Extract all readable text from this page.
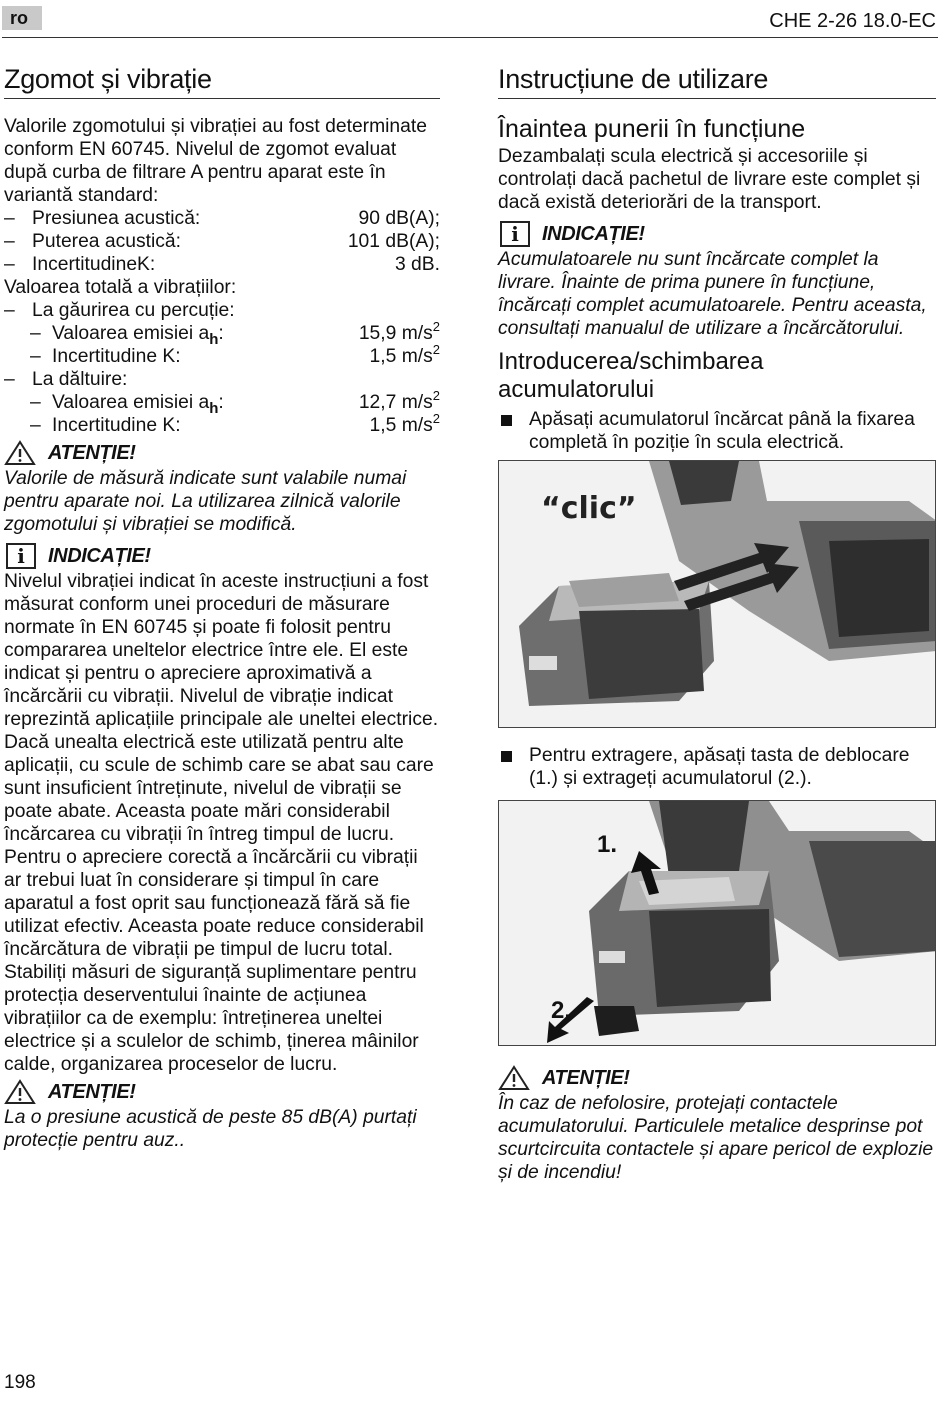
ro	CHE 2-26 18.0-EC
Zgomot și vibrație

Valorile zgomotului și vibrației au fost determinate conform EN 60745. Nivelul de zgomot evaluat după curba de filtrare A pentru aparat este în variantă standard:

– Presiunea acustică:	90 dB(A);
– Puterea acustică:	101 dB(A);
– IncertitudineK:	3 dB.

Valoarea totală a vibrațiilor:

– La găurirea cu percuție:
– Valoarea emisiei $a_h$:	15,9 $m/s^2$
– Incertitudine K:	1,5 $m/s^2$
– La dăltuire:
– Valoarea emisiei $a_h$:	12,7 $m/s^2$
– Incertitudine K:	1,5 $m/s^2$
ATENȚIE!

Valorile de măsură indicate sunt valabile numai pentru aparate noi. La utilizarea zilnică valorile zgomotului și vibrației se modifică.

i	INDICAȚIE!

Nivelul vibrației indicat în aceste instrucțiuni a fost măsurat conform unei proceduri de măsurare normate în EN 60745 și poate fi folosit pentru compararea uneltelor electrice între ele. El este indicat și pentru o apreciere aproximativă a încărcării cu vibrații. Nivelul de vibrație indicat reprezintă aplicațiile principale ale uneltei electrice.

Dacă unealta electrică este utilizată pentru alte aplicații, cu scule de schimb care se abat sau care sunt insuficient întreținute, nivelul de vibrații se poate abate. Aceasta poate mări considerabil încărcarea cu vibrații în întreg timpul de lucru.

Pentru o apreciere corectă a încărcării cu vibrații ar trebui luat în considerare și timpul în care aparatul a fost oprit sau funcționează fără să fie utilizat efectiv. Aceasta poate reduce considerabil încărcătura de vibrații pe timpul de lucru total.

Stabiliți măsuri de siguranță suplimentare pentru protecția deserventului înainte de acțiunea vibrațiilor ca de exemplu: întreținerea uneltei electrice și a sculelor de schimb, ținerea mâinilor calde, organizarea proceselor de lucru.

ATENȚIE!

La o presiune acustică de peste 85 dB(A) purtați protecție pentru auz..

Instrucțiune de utilizare
Înaintea punerii în funcțiune

Dezambalați scula electrică și accesoriile și controlați dacă pachetul de livrare este complet și dacă există deteriorări de la transport.

i	INDICAȚIE!

Acumulatoarele nu sunt încărcate complet la livrare. Înainte de prima punere în funcțiune, încărcați complet acumulatoarele. Pentru aceasta, consultați manualul de utilizare a încărcătorului.

Introducerea/schimbarea
acumulatorului
Apăsați acumulatorul încărcat până la fixarea completă în poziție în scula electrică.
“clic”
Pentru extragere, apăsați tasta de deblocare (1.) și extrageți acumulatorul (2.).
1.
2.
ATENȚIE!

În caz de nefolosire, protejați contactele acumulatorului. Particulele metalice desprinse pot scurtcircuita contactele și apare pericol de explozie și de incendiu!

198
